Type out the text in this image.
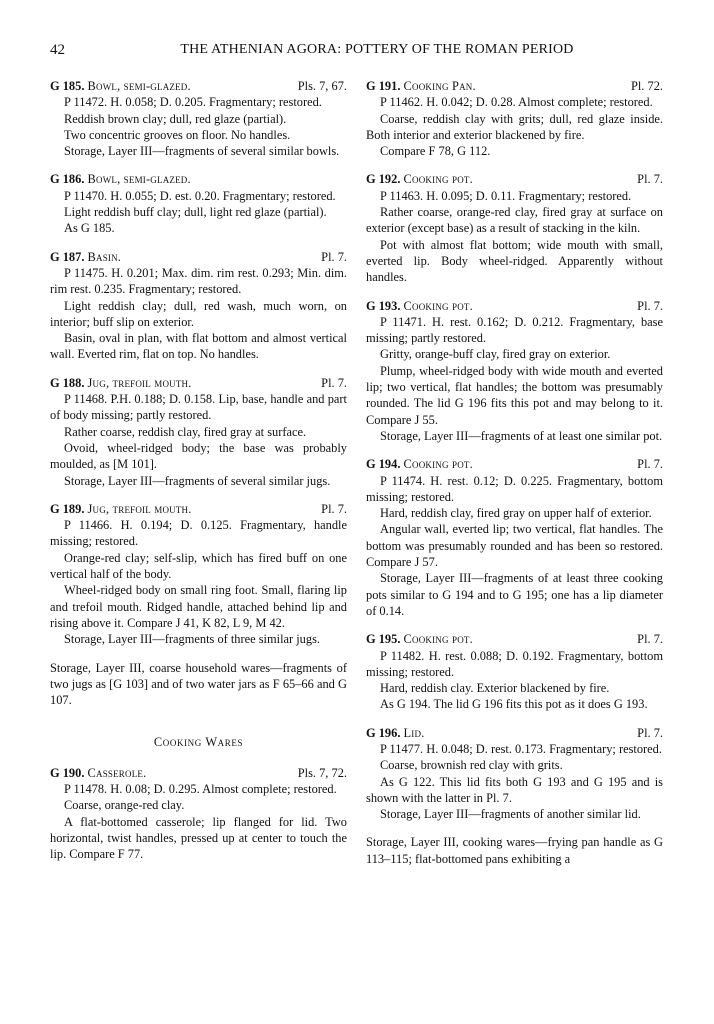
42	THE ATHENIAN AGORA: POTTERY OF THE ROMAN PERIOD
G 185. Bowl, semi-glazed.	Pls. 7, 67.
P 11472. H. 0.058; D. 0.205. Fragmentary; restored.
Reddish brown clay; dull, red glaze (partial).
Two concentric grooves on floor. No handles.
Storage, Layer III—fragments of several similar bowls.
G 186. Bowl, semi-glazed.
P 11470. H. 0.055; D. est. 0.20. Fragmentary; restored.
Light reddish buff clay; dull, light red glaze (partial).
As G 185.
G 187. Basin.	Pl. 7.
P 11475. H. 0.201; Max. dim. rim rest. 0.293; Min. dim. rim rest. 0.235. Fragmentary; restored.
Light reddish clay; dull, red wash, much worn, on interior; buff slip on exterior.
Basin, oval in plan, with flat bottom and almost vertical wall. Everted rim, flat on top. No handles.
G 188. Jug, trefoil mouth.	Pl. 7.
P 11468. P.H. 0.188; D. 0.158. Lip, base, handle and part of body missing; partly restored.
Rather coarse, reddish clay, fired gray at surface.
Ovoid, wheel-ridged body; the base was probably moulded, as [M 101].
Storage, Layer III—fragments of several similar jugs.
G 189. Jug, trefoil mouth.	Pl. 7.
P 11466. H. 0.194; D. 0.125. Fragmentary, handle missing; restored.
Orange-red clay; self-slip, which has fired buff on one vertical half of the body.
Wheel-ridged body on small ring foot. Small, flaring lip and trefoil mouth. Ridged handle, attached behind lip and rising above it. Compare J 41, K 82, L 9, M 42.
Storage, Layer III—fragments of three similar jugs.
Storage, Layer III, coarse household wares—fragments of two jugs as [G 103] and of two water jars as F 65–66 and G 107.
Cooking Wares
G 190. Casserole.	Pls. 7, 72.
P 11478. H. 0.08; D. 0.295. Almost complete; restored.
Coarse, orange-red clay.
A flat-bottomed casserole; lip flanged for lid. Two horizontal, twist handles, pressed up at center to touch the lip. Compare F 77.
G 191. Cooking Pan.	Pl. 72.
P 11462. H. 0.042; D. 0.28. Almost complete; restored.
Coarse, reddish clay with grits; dull, red glaze inside. Both interior and exterior blackened by fire.
Compare F 78, G 112.
G 192. Cooking pot.	Pl. 7.
P 11463. H. 0.095; D. 0.11. Fragmentary; restored.
Rather coarse, orange-red clay, fired gray at surface on exterior (except base) as a result of stacking in the kiln.
Pot with almost flat bottom; wide mouth with small, everted lip. Body wheel-ridged. Apparently without handles.
G 193. Cooking pot.	Pl. 7.
P 11471. H. rest. 0.162; D. 0.212. Fragmentary, base missing; partly restored.
Gritty, orange-buff clay, fired gray on exterior.
Plump, wheel-ridged body with wide mouth and everted lip; two vertical, flat handles; the bottom was presumably rounded. The lid G 196 fits this pot and may belong to it. Compare J 55.
Storage, Layer III—fragments of at least one similar pot.
G 194. Cooking pot.	Pl. 7.
P 11474. H. rest. 0.12; D. 0.225. Fragmentary, bottom missing; restored.
Hard, reddish clay, fired gray on upper half of exterior.
Angular wall, everted lip; two vertical, flat handles. The bottom was presumably rounded and has been so restored. Compare J 57.
Storage, Layer III—fragments of at least three cooking pots similar to G 194 and to G 195; one has a lip diameter of 0.14.
G 195. Cooking pot.	Pl. 7.
P 11482. H. rest. 0.088; D. 0.192. Fragmentary, bottom missing; restored.
Hard, reddish clay. Exterior blackened by fire.
As G 194. The lid G 196 fits this pot as it does G 193.
G 196. Lid.	Pl. 7.
P 11477. H. 0.048; D. rest. 0.173. Fragmentary; restored.
Coarse, brownish red clay with grits.
As G 122. This lid fits both G 193 and G 195 and is shown with the latter in Pl. 7.
Storage, Layer III—fragments of another similar lid.
Storage, Layer III, cooking wares—frying pan handle as G 113–115; flat-bottomed pans exhibiting a
